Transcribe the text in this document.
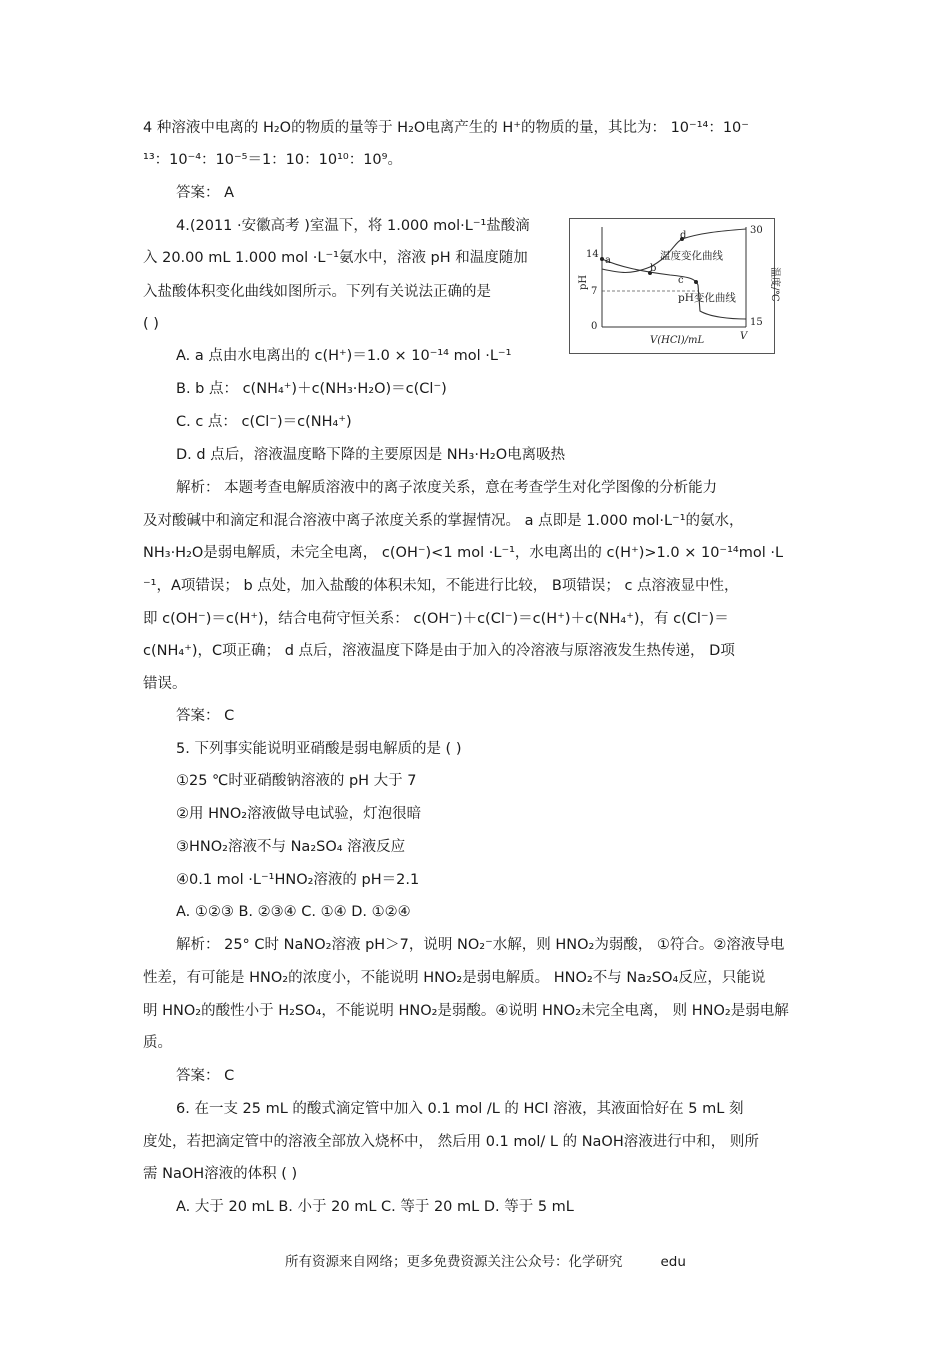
4 种溶液中电离的 H₂O的物质的量等于 H₂O电离产生的 H⁺的物质的量，其比为： 10⁻¹⁴：10⁻
¹³：10⁻⁴：10⁻⁵＝1：10：10¹⁰：10⁹。
答案： A
4.(2011 ·安徽高考 )室温下，将 1.000 mol·L⁻¹盐酸滴
入 20.00 mL 1.000 mol ·L⁻¹氨水中，溶液 pH 和温度随加
入盐酸体积变化曲线如图所示。下列有关说法正确的是
( )
A. a 点由水电离出的 c(H⁺)＝1.0 × 10⁻¹⁴ mol ·L⁻¹
B. b 点： c(NH₄⁺)＋c(NH₃·H₂O)＝c(Cl⁻)
C. c 点： c(Cl⁻)＝c(NH₄⁺)
D. d 点后，溶液温度略下降的主要原因是 NH₃·H₂O电离吸热
解析： 本题考查电解质溶液中的离子浓度关系，意在考查学生对化学图像的分析能力
及对酸碱中和滴定和混合溶液中离子浓度关系的掌握情况。 a 点即是 1.000 mol·L⁻¹的氨水，
NH₃·H₂O是弱电解质，未完全电离， c(OH⁻)<1 mol ·L⁻¹，水电离出的 c(H⁺)>1.0 × 10⁻¹⁴mol ·L
⁻¹，A项错误； b 点处，加入盐酸的体积未知，不能进行比较， B项错误； c 点溶液显中性，
即 c(OH⁻)＝c(H⁺)，结合电荷守恒关系： c(OH⁻)＋c(Cl⁻)＝c(H⁺)＋c(NH₄⁺)，有 c(Cl⁻)＝
c(NH₄⁺)，C项正确； d 点后，溶液温度下降是由于加入的冷溶液与原溶液发生热传递， D项
错误。
答案： C
5. 下列事实能说明亚硝酸是弱电解质的是 ( )
①25 ℃时亚硝酸钠溶液的 pH 大于 7
②用 HNO₂溶液做导电试验，灯泡很暗
③HNO₂溶液不与 Na₂SO₄ 溶液反应
④0.1 mol ·L⁻¹HNO₂溶液的 pH＝2.1
A. ①②③ B. ②③④ C. ①④ D. ①②④
解析： 25° C时 NaNO₂溶液 pH＞7，说明 NO₂⁻水解，则 HNO₂为弱酸， ①符合。②溶液导电
性差，有可能是 HNO₂的浓度小，不能说明 HNO₂是弱电解质。 HNO₂不与 Na₂SO₄反应，只能说
明 HNO₂的酸性小于 H₂SO₄，不能说明 HNO₂是弱酸。④说明 HNO₂未完全电离， 则 HNO₂是弱电解
质。
答案： C
6. 在一支 25 mL 的酸式滴定管中加入 0.1 mol /L 的 HCl 溶液，其液面恰好在 5 mL 刻
度处，若把滴定管中的溶液全部放入烧杯中， 然后用 0.1 mol/ L 的 NaOH溶液进行中和， 则所
需 NaOH溶液的体积 ( )
A. 大于 20 mL B. 小于 20 mL C. 等于 20 mL D. 等于 5 mL
a
b
c
d
14
7
0
pH
30
15
温度/℃
温度变化曲线
pH变化曲线
V(HCl)/mL	V
所有资源来自网络；更多免费资源关注公众号：化学研究	edu
